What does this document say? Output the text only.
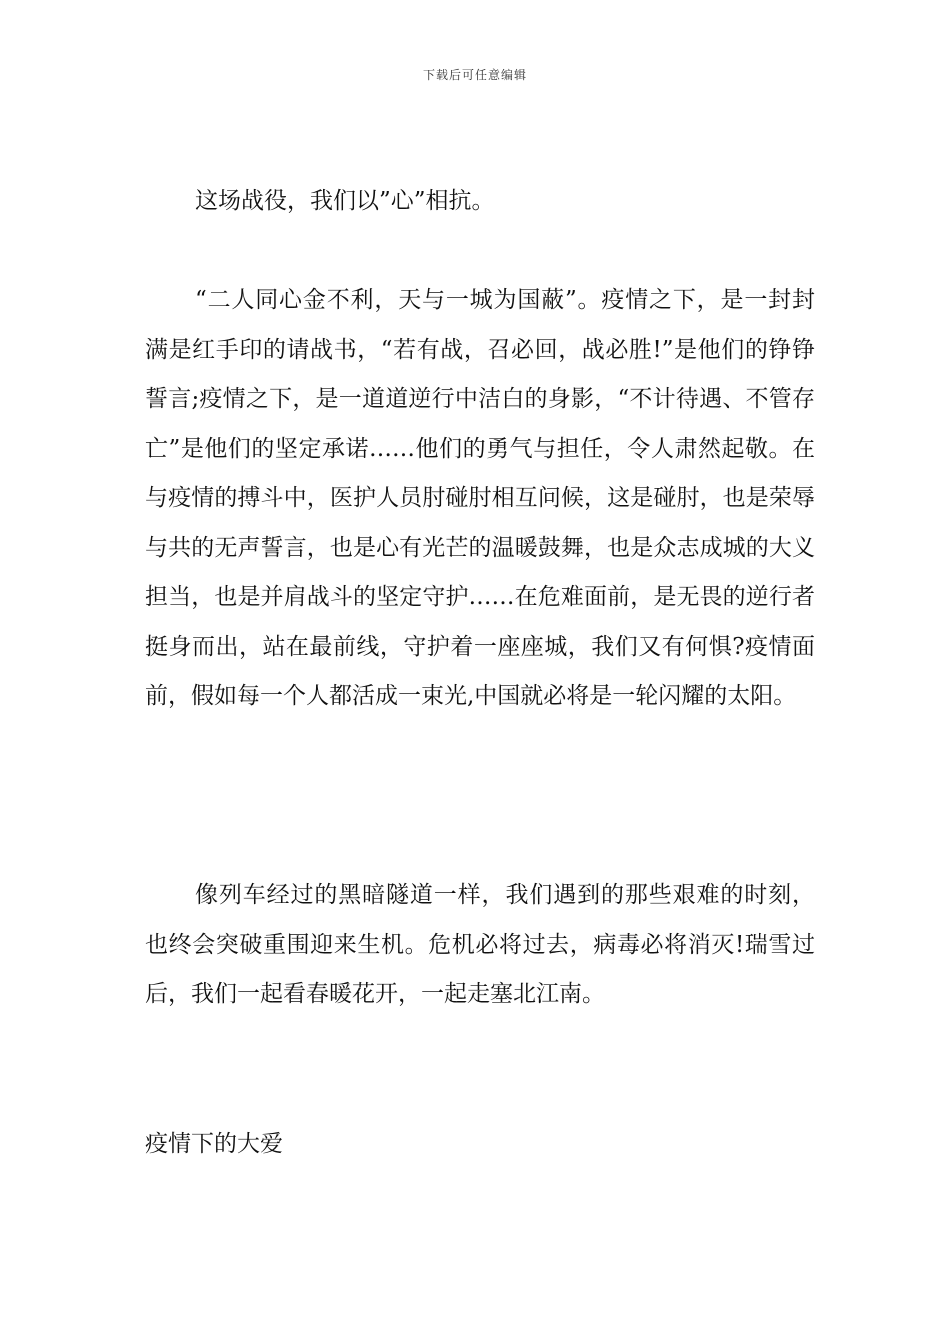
下载后可任意编辑

这场战役，我们以”心”相抗。

“二人同心金不利，天与一城为国蔽”。疫情之下，是一封封满是红手印的请战书，“若有战，召必回，战必胜!”是他们的铮铮誓言;疫情之下，是一道道逆行中洁白的身影，“不计待遇、不管存亡”是他们的坚定承诺……他们的勇气与担任，令人肃然起敬。在与疫情的搏斗中，医护人员肘碰肘相互问候，这是碰肘，也是荣辱与共的无声誓言，也是心有光芒的温暖鼓舞，也是众志成城的大义担当，也是并肩战斗的坚定守护……在危难面前，是无畏的逆行者挺身而出，站在最前线，守护着一座座城，我们又有何惧?疫情面前，假如每一个人都活成一束光,中国就必将是一轮闪耀的太阳。

像列车经过的黑暗隧道一样，我们遇到的那些艰难的时刻，也终会突破重围迎来生机。危机必将过去，病毒必将消灭!瑞雪过后，我们一起看春暖花开，一起走塞北江南。

疫情下的大爱
